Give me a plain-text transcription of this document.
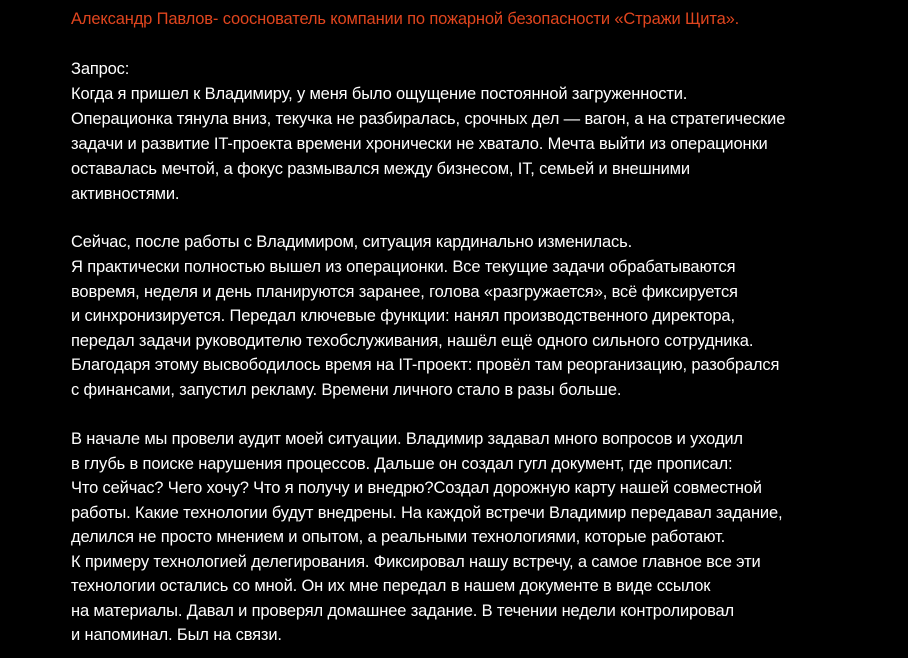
Александр Павлов- сооснователь компании по пожарной безопасности «Стражи Щита».
Запрос:
Когда я пришел к Владимиру, у меня было ощущение постоянной загруженности.
Операционка тянула вниз, текучка не разбиралась, срочных дел — вагон, а на стратегические
задачи и развитие IT-проекта времени хронически не хватало. Мечта выйти из операционки
оставалась мечтой, а фокус размывался между бизнесом, IT, семьей и внешними
активностями.
Сейчас, после работы с Владимиром, ситуация кардинально изменилась.
Я практически полностью вышел из операционки. Все текущие задачи обрабатываются
вовремя, неделя и день планируются заранее, голова «разгружается», всё фиксируется
и синхронизируется. Передал ключевые функции: нанял производственного директора,
передал задачи руководителю техобслуживания, нашёл ещё одного сильного сотрудника.
Благодаря этому высвободилось время на IT-проект: провёл там реорганизацию, разобрался
с финансами, запустил рекламу. Времени личного стало в разы больше.
В начале мы провели аудит моей ситуации. Владимир задавал много вопросов и уходил
в глубь в поиске нарушения процессов. Дальше он создал гугл документ, где прописал:
Что сейчас? Чего хочу? Что я получу и внедрю?Создал дорожную карту нашей совместной
работы. Какие технологии будут внедрены. На каждой встречи Владимир передавал задание,
делился не просто мнением и опытом, а реальными технологиями, которые работают.
К примеру технологией делегирования. Фиксировал нашу встречу, а самое главное все эти
технологии остались со мной. Он их мне передал в нашем документе в виде ссылок
на материалы. Давал и проверял домашнее задание. В течении недели контролировал
и напоминал. Был на связи.
